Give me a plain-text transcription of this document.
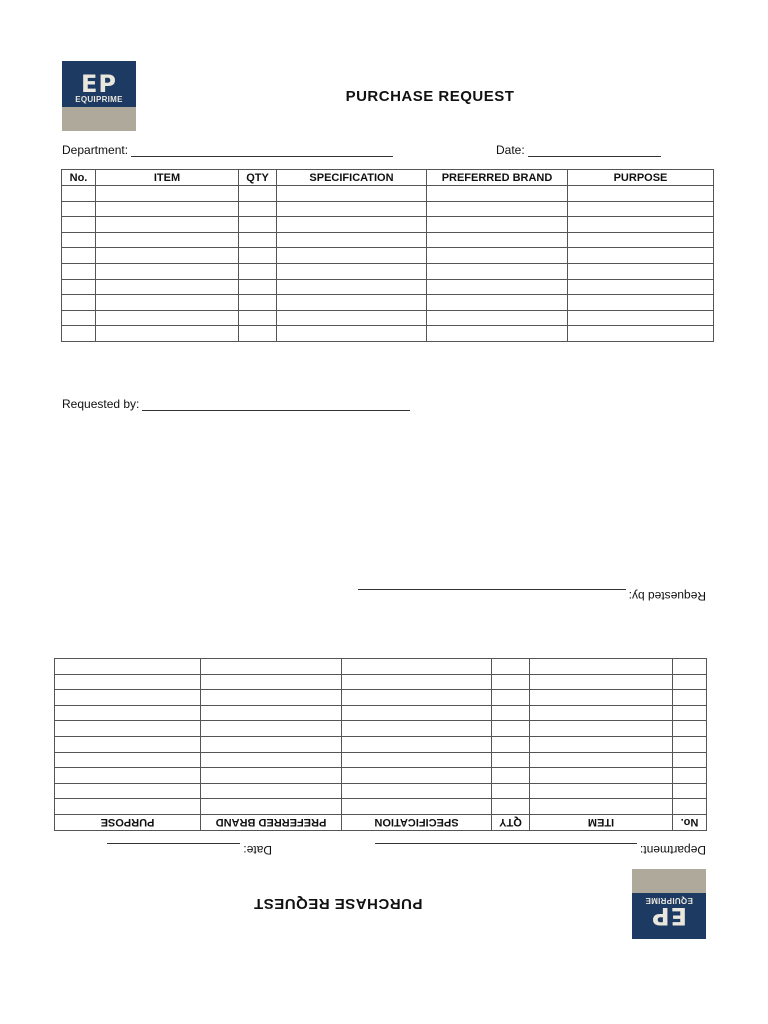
EP
EQUIPRIME	PURCHASE REQUEST
Department:	Date:
No.	ITEM	QTY	SPECIFICATION	PREFERRED BRAND	PURPOSE

Requested by:
EP
EQUIPRIME
PURCHASE REQUEST
Department:
Date:
No.	ITEM	QTY	SPECIFICATION	PREFERRED BRAND	PURPOSE

Requested by:
